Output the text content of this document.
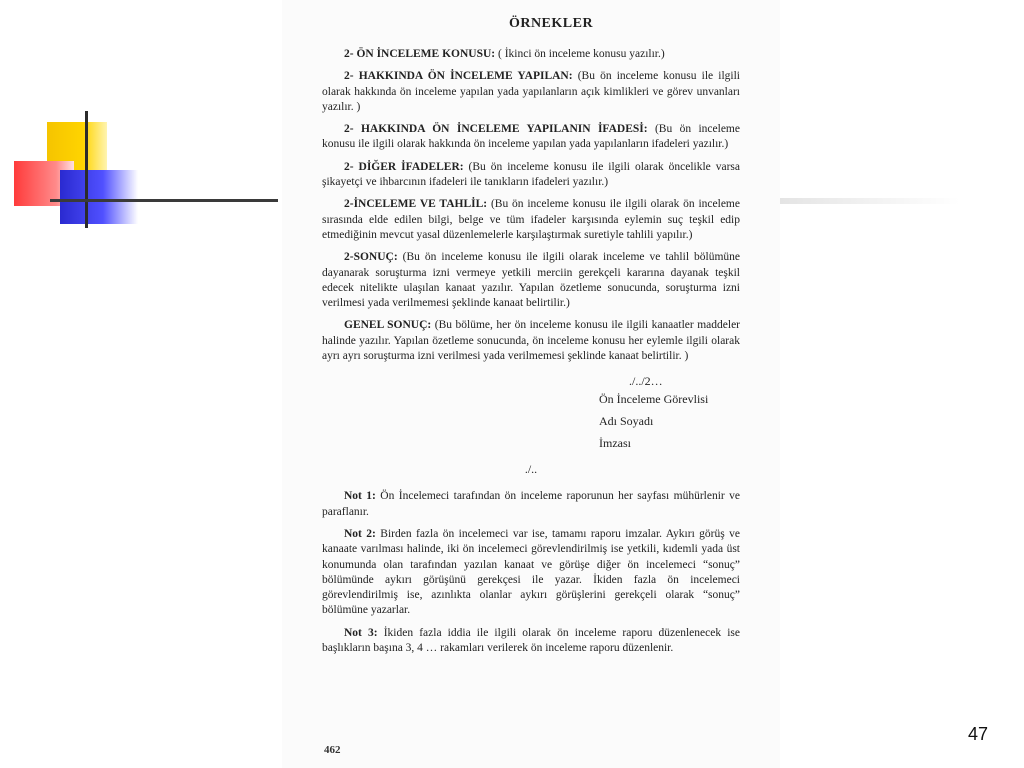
ÖRNEKLER

2- ÖN İNCELEME KONUSU: ( İkinci ön inceleme konusu yazılır.)

2- HAKKINDA ÖN İNCELEME YAPILAN: (Bu ön inceleme konusu ile ilgili olarak hakkında ön inceleme yapılan yada yapılanların açık kimlikleri ve görev unvanları yazılır. )

2- HAKKINDA ÖN İNCELEME YAPILANIN İFADESİ: (Bu ön inceleme konusu ile ilgili olarak hakkında ön inceleme yapılan yada yapılanların ifadeleri yazılır.)

2- DİĞER İFADELER: (Bu ön inceleme konusu ile ilgili olarak öncelikle varsa şikayetçi ve ihbarcının ifadeleri ile tanıkların ifadeleri yazılır.)

2-İNCELEME VE TAHLİL: (Bu ön inceleme konusu ile ilgili olarak ön inceleme sırasında elde edilen bilgi, belge ve tüm ifadeler karşısında eylemin suç teşkil edip etmediğinin mevcut yasal düzenlemelerle karşılaştırmak suretiyle tahlili yapılır.)

2-SONUÇ: (Bu ön inceleme konusu ile ilgili olarak inceleme ve tahlil bölümüne dayanarak soruşturma izni vermeye yetkili merciin gerekçeli kararına dayanak teşkil edecek nitelikte ulaşılan kanaat yazılır. Yapılan özetleme sonucunda, soruşturma izni verilmesi yada verilmemesi şeklinde kanaat belirtilir.)

GENEL SONUÇ: (Bu bölüme, her ön inceleme konusu ile ilgili kanaatler maddeler halinde yazılır. Yapılan özetleme sonucunda, ön inceleme konusu her eylemle ilgili olarak ayrı ayrı soruşturma izni verilmesi yada verilmemesi şeklinde kanaat belirtilir. )

./../2…
Ön İnceleme Görevlisi
Adı Soyadı
İmzası
./..

Not 1: Ön İncelemeci tarafından ön inceleme raporunun her sayfası mühürlenir ve paraflanır.

Not 2: Birden fazla ön incelemeci var ise, tamamı raporu imzalar. Aykırı görüş ve kanaate varılması halinde, iki ön incelemeci görevlendirilmiş ise yetkili, kıdemli yada üst konumunda olan tarafından yazılan kanaat ve görüşe diğer ön incelemeci “sonuç” bölümünde aykırı görüşünü gerekçesi ile yazar. İkiden fazla ön incelemeci görevlendirilmiş ise, azınlıkta olanlar aykırı görüşlerini gerekçeli olarak “sonuç” bölümüne yazarlar.

Not 3: İkiden fazla iddia ile ilgili olarak ön inceleme raporu düzenlenecek ise başlıkların başına 3, 4 … rakamları verilerek ön inceleme raporu düzenlenir.

462
47
